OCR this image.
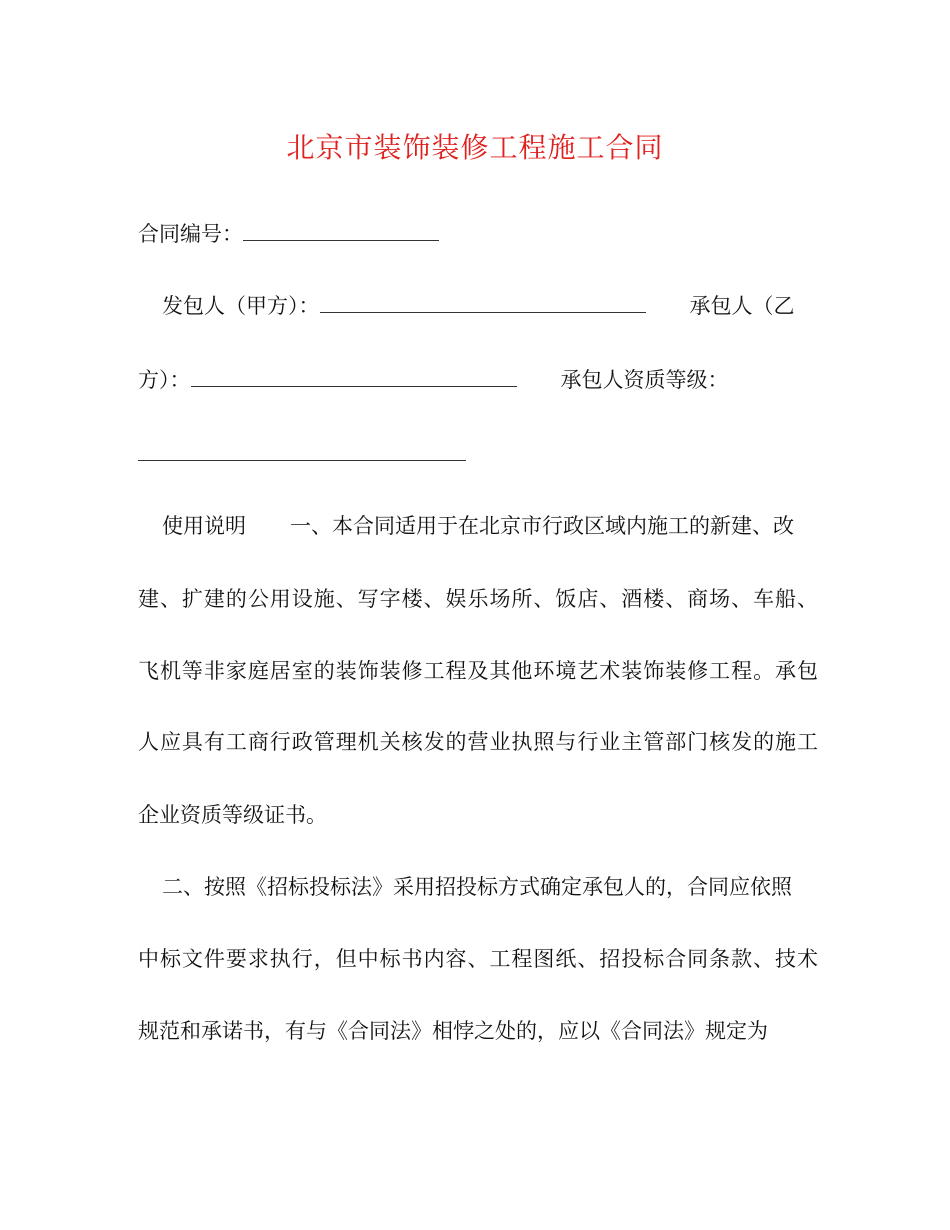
北京市装饰装修工程施工合同
合同编号：
发包人（甲方）：	承包人（乙
方）：	承包人资质等级：
使用说明 一、本合同适用于在北京市行政区域内施工的新建、改
建、扩建的公用设施、写字楼、娱乐场所、饭店、酒楼、商场、车船、
飞机等非家庭居室的装饰装修工程及其他环境艺术装饰装修工程。承包
人应具有工商行政管理机关核发的营业执照与行业主管部门核发的施工
企业资质等级证书。
二、按照《招标投标法》采用招投标方式确定承包人的，合同应依照
中标文件要求执行，但中标书内容、工程图纸、招投标合同条款、技术
规范和承诺书，有与《合同法》相悖之处的，应以《合同法》规定为
